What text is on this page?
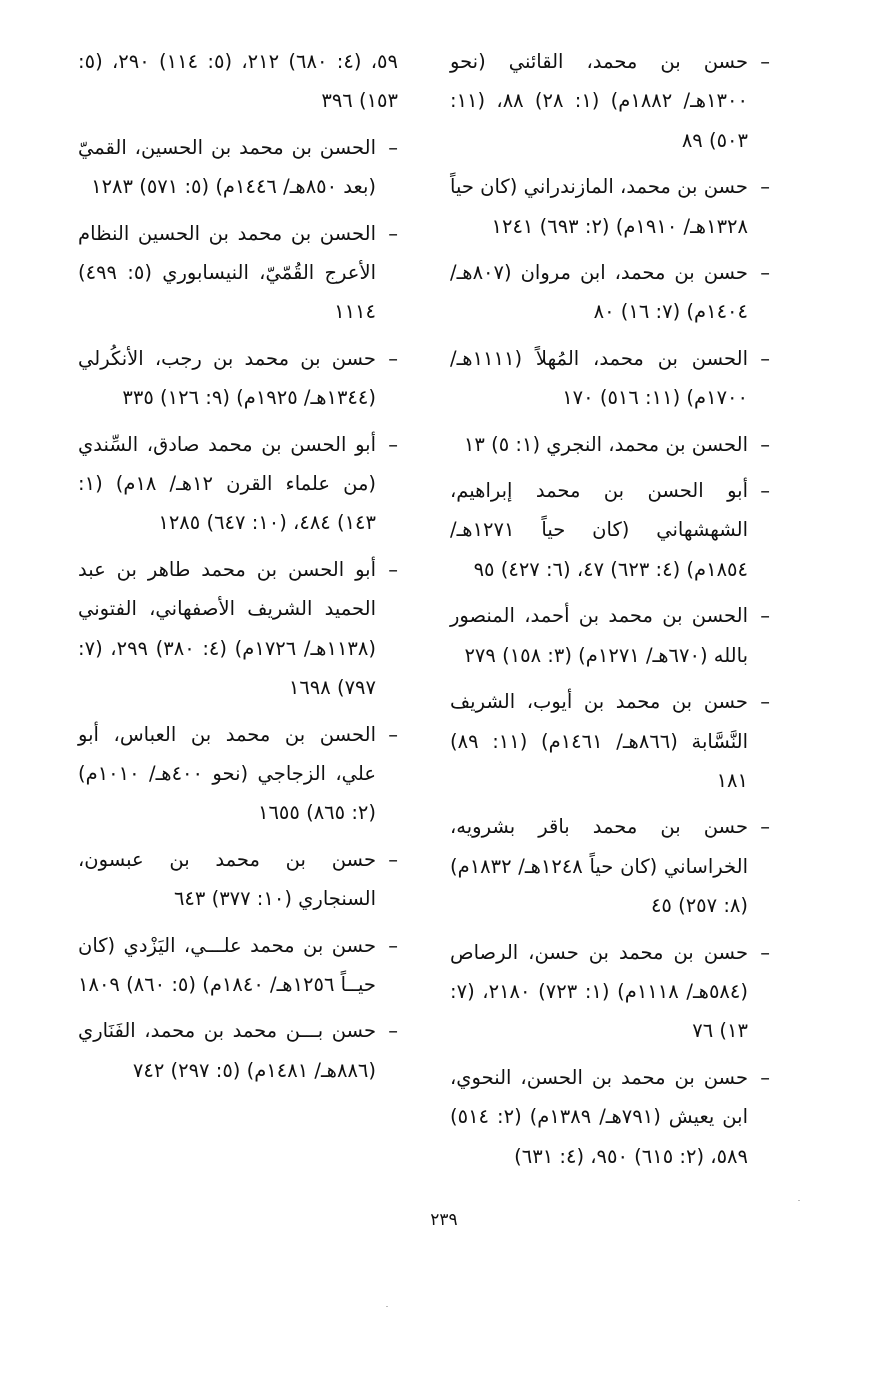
–
حسن بن محمد، القائني (نحو ١٣٠٠هـ/ ١٨٨٢م) (١: ٢٨) ٨٨، (١١: ٥٠٣) ٨٩
–
حسن بن محمد، المازندراني (كان حياً ١٣٢٨هـ/ ١٩١٠م) (٢: ٦٩٣) ١٢٤١
–
حسن بن محمد، ابن مروان (٨٠٧هـ/ ١٤٠٤م) (٧: ١٦) ٨٠
–
الحسن بن محمد، المُهلاً (١١١١هـ/ ١٧٠٠م) (١١: ٥١٦) ١٧٠
–
الحسن بن محمد، النجري (١: ٥) ١٣
–
أبو الحسن بن محمد إبراهيم، الشهشهاني (كان حياً ١٢٧١هـ/ ١٨٥٤م) (٤: ٦٢٣) ٤٧، (٦: ٤٢٧) ٩٥
–
الحسن بن محمد بن أحمد، المنصور بالله (٦٧٠هـ/ ١٢٧١م) (٣: ١٥٨) ٢٧٩
–
حسن بن محمد بن أيوب، الشريف النَّسَّابة (٨٦٦هـ/ ١٤٦١م) (١١: ٨٩) ١٨١
–
حسن بن محمد باقر بشرويه، الخراساني (كان حياً ١٢٤٨هـ/ ١٨٣٢م) (٨: ٢٥٧) ٤٥
–
حسن بن محمد بن حسن، الرصاص (٥٨٤هـ/ ١١١٨م) (١: ٧٢٣) ٢١٨٠، (٧: ١٣) ٧٦
–
حسن بن محمد بن الحسن، النحوي، ابن يعيش (٧٩١هـ/ ١٣٨٩م) (٢: ٥١٤) ٥٨٩، (٢: ٦١٥) ٩٥٠، (٤: ٦٣١)
٥٩، (٤: ٦٨٠) ٢١٢، (٥: ١١٤) ٢٩٠، (٥: ١٥٣) ٣٩٦
–
الحسن بن محمد بن الحسين، القميّ (بعد ٨٥٠هـ/ ١٤٤٦م) (٥: ٥٧١) ١٢٨٣
–
الحسن بن محمد بن الحسين النظام الأعرج القُمّيّ، النيسابوري (٥: ٤٩٩) ١١١٤
–
حسن بن محمد بن رجب، الأنكُرلي (١٣٤٤هـ/ ١٩٢٥م) (٩: ١٢٦) ٣٣٥
–
أبو الحسن بن محمد صادق، السِّندي (من علماء القرن ١٢هـ/ ١٨م) (١: ١٤٣) ٤٨٤، (١٠: ٦٤٧) ١٢٨٥
–
أبو الحسن بن محمد طاهر بن عبد الحميد الشريف الأصفهاني، الفتوني (١١٣٨هـ/ ١٧٢٦م) (٤: ٣٨٠) ٢٩٩، (٧: ٧٩٧) ١٦٩٨
–
الحسن بن محمد بن العباس، أبو علي، الزجاجي (نحو ٤٠٠هـ/ ١٠١٠م) (٢: ٨٦٥) ١٦٥٥
–
حسن بن محمد بن عبسون، السنجاري (١٠: ٣٧٧) ٦٤٣
–
حسن بن محمد علـــي، اليَزْدي (كان حيــاً ١٢٥٦هـ/ ١٨٤٠م) (٥: ٨٦٠) ١٨٠٩
–
حسن بـــن محمد بن محمد، الفَنَاري (٨٨٦هـ/ ١٤٨١م) (٥: ٢٩٧) ٧٤٢
٢٣٩
